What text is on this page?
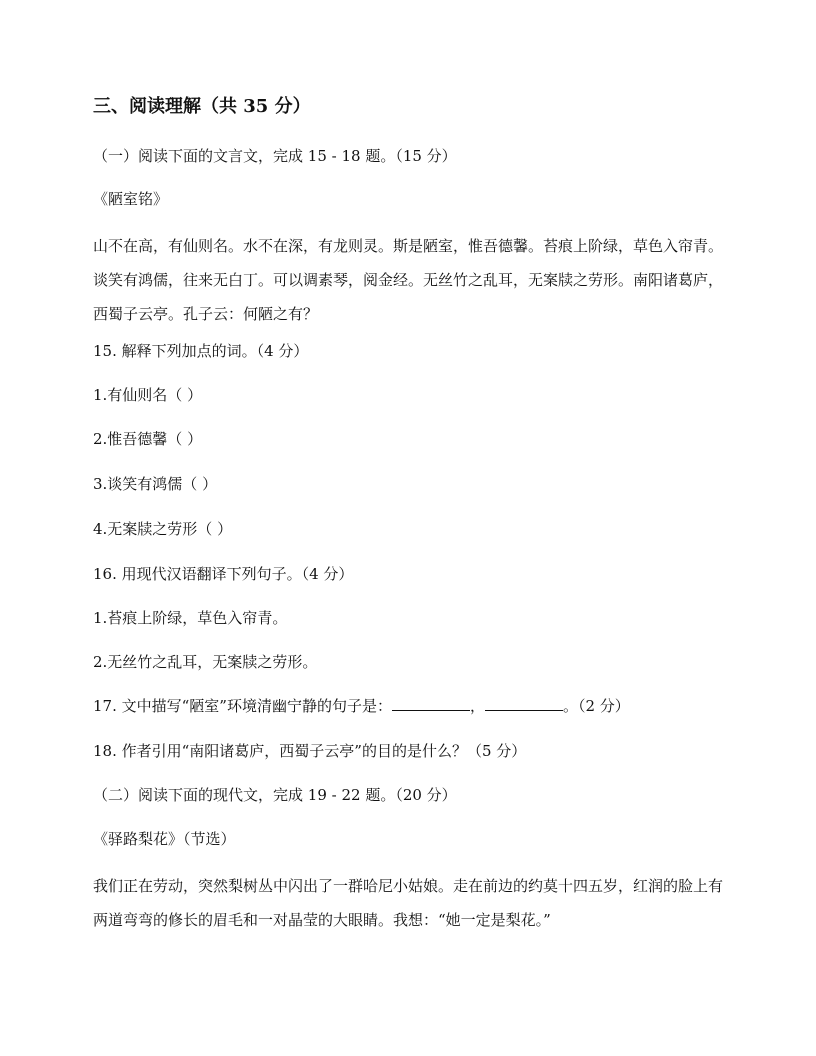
三、阅读理解（共 35 分）
（一）阅读下面的文言文，完成 15 - 18 题。（15 分）
《陋室铭》

山不在高，有仙则名。水不在深，有龙则灵。斯是陋室，惟吾德馨。苔痕上阶绿，草色入帘青。谈笑有鸿儒，往来无白丁。可以调素琴，阅金经。无丝竹之乱耳，无案牍之劳形。南阳诸葛庐，西蜀子云亭。孔子云：何陋之有？

15. 解释下列加点的词。（4 分）
1.有仙则名（ ）
2.惟吾德馨（ ）
3.谈笑有鸿儒（ ）
4.无案牍之劳形（ ）
16. 用现代汉语翻译下列句子。（4 分）
1.苔痕上阶绿，草色入帘青。
2.无丝竹之乱耳，无案牍之劳形。
17. 文中描写“陋室”环境清幽宁静的句子是：	，	。（2 分）
18. 作者引用“南阳诸葛庐，西蜀子云亭”的目的是什么？（5 分）
（二）阅读下面的现代文，完成 19 - 22 题。（20 分）
《驿路梨花》（节选）

我们正在劳动，突然梨树丛中闪出了一群哈尼小姑娘。走在前边的约莫十四五岁，红润的脸上有两道弯弯的修长的眉毛和一对晶莹的大眼睛。我想：“她一定是梨花。”
